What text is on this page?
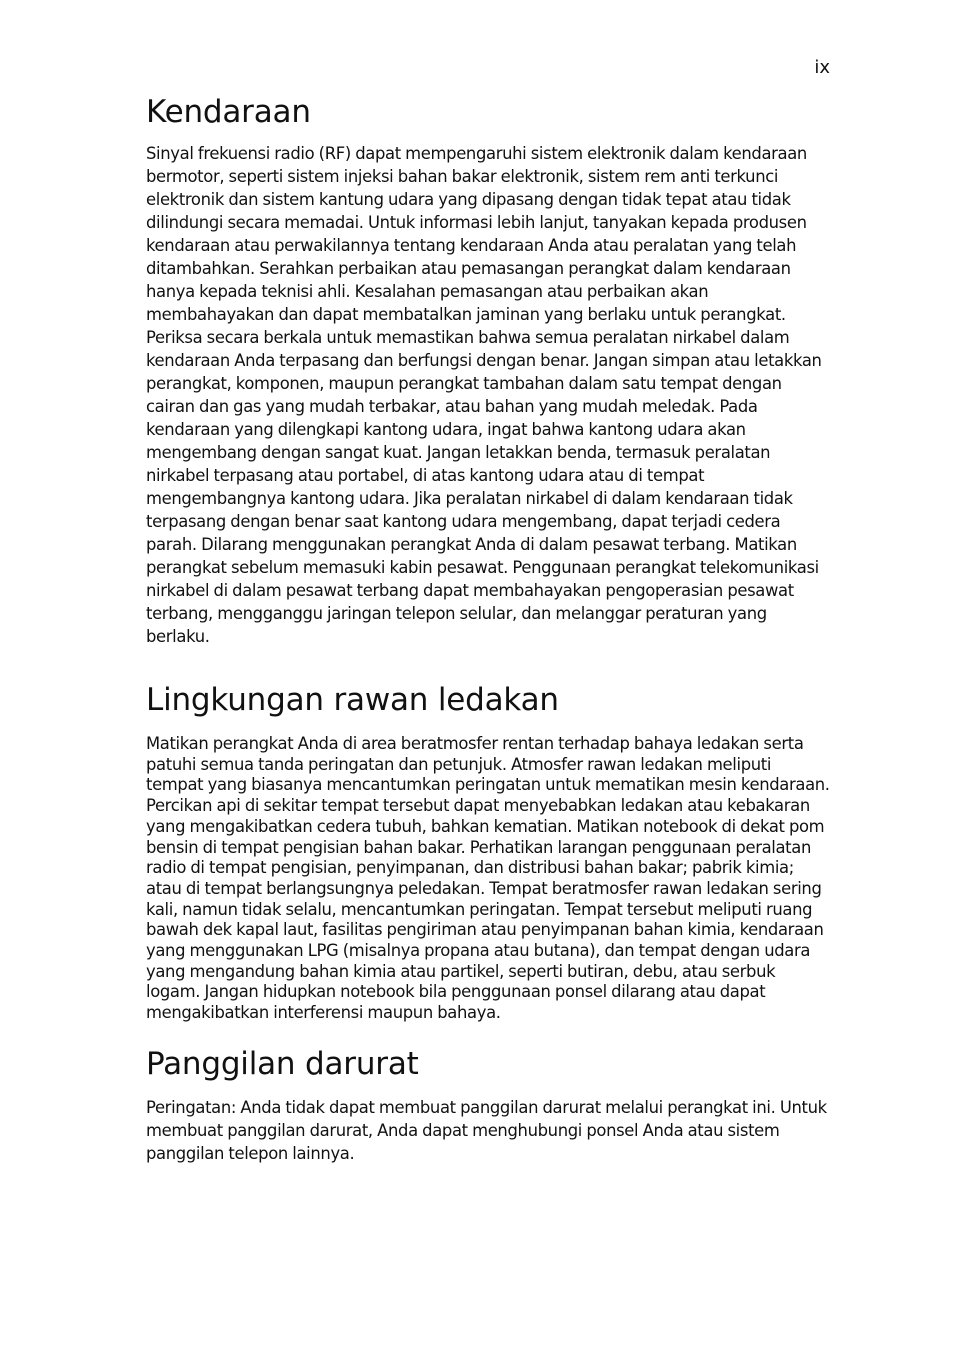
ix
Kendaraan

Sinyal frekuensi radio (RF) dapat mempengaruhi sistem elektronik dalam kendaraan bermotor, seperti sistem injeksi bahan bakar elektronik, sistem rem anti terkunci elektronik dan sistem kantung udara yang dipasang dengan tidak tepat atau tidak dilindungi secara memadai. Untuk informasi lebih lanjut, tanyakan kepada produsen kendaraan atau perwakilannya tentang kendaraan Anda atau peralatan yang telah ditambahkan. Serahkan perbaikan atau pemasangan perangkat dalam kendaraan hanya kepada teknisi ahli. Kesalahan pemasangan atau perbaikan akan membahayakan dan dapat membatalkan jaminan yang berlaku untuk perangkat. Periksa secara berkala untuk memastikan bahwa semua peralatan nirkabel dalam kendaraan Anda terpasang dan berfungsi dengan benar. Jangan simpan atau letakkan perangkat, komponen, maupun perangkat tambahan dalam satu tempat dengan cairan dan gas yang mudah terbakar, atau bahan yang mudah meledak. Pada kendaraan yang dilengkapi kantong udara, ingat bahwa kantong udara akan mengembang dengan sangat kuat. Jangan letakkan benda, termasuk peralatan nirkabel terpasang atau portabel, di atas kantong udara atau di tempat mengembangnya kantong udara. Jika peralatan nirkabel di dalam kendaraan tidak terpasang dengan benar saat kantong udara mengembang, dapat terjadi cedera parah. Dilarang menggunakan perangkat Anda di dalam pesawat terbang. Matikan perangkat sebelum memasuki kabin pesawat. Penggunaan perangkat telekomunikasi nirkabel di dalam pesawat terbang dapat membahayakan pengoperasian pesawat terbang, mengganggu jaringan telepon selular, dan melanggar peraturan yang berlaku.

Lingkungan rawan ledakan

Matikan perangkat Anda di area beratmosfer rentan terhadap bahaya ledakan serta patuhi semua tanda peringatan dan petunjuk. Atmosfer rawan ledakan meliputi tempat yang biasanya mencantumkan peringatan untuk mematikan mesin kendaraan. Percikan api di sekitar tempat tersebut dapat menyebabkan ledakan atau kebakaran yang mengakibatkan cedera tubuh, bahkan kematian. Matikan notebook di dekat pom bensin di tempat pengisian bahan bakar. Perhatikan larangan penggunaan peralatan radio di tempat pengisian, penyimpanan, dan distribusi bahan bakar; pabrik kimia; atau di tempat berlangsungnya peledakan. Tempat beratmosfer rawan ledakan sering kali, namun tidak selalu, mencantumkan peringatan. Tempat tersebut meliputi ruang bawah dek kapal laut, fasilitas pengiriman atau penyimpanan bahan kimia, kendaraan yang menggunakan LPG (misalnya propana atau butana), dan tempat dengan udara yang mengandung bahan kimia atau partikel, seperti butiran, debu, atau serbuk logam. Jangan hidupkan notebook bila penggunaan ponsel dilarang atau dapat mengakibatkan interferensi maupun bahaya.

Panggilan darurat

Peringatan: Anda tidak dapat membuat panggilan darurat melalui perangkat ini. Untuk membuat panggilan darurat, Anda dapat menghubungi ponsel Anda atau sistem panggilan telepon lainnya.
